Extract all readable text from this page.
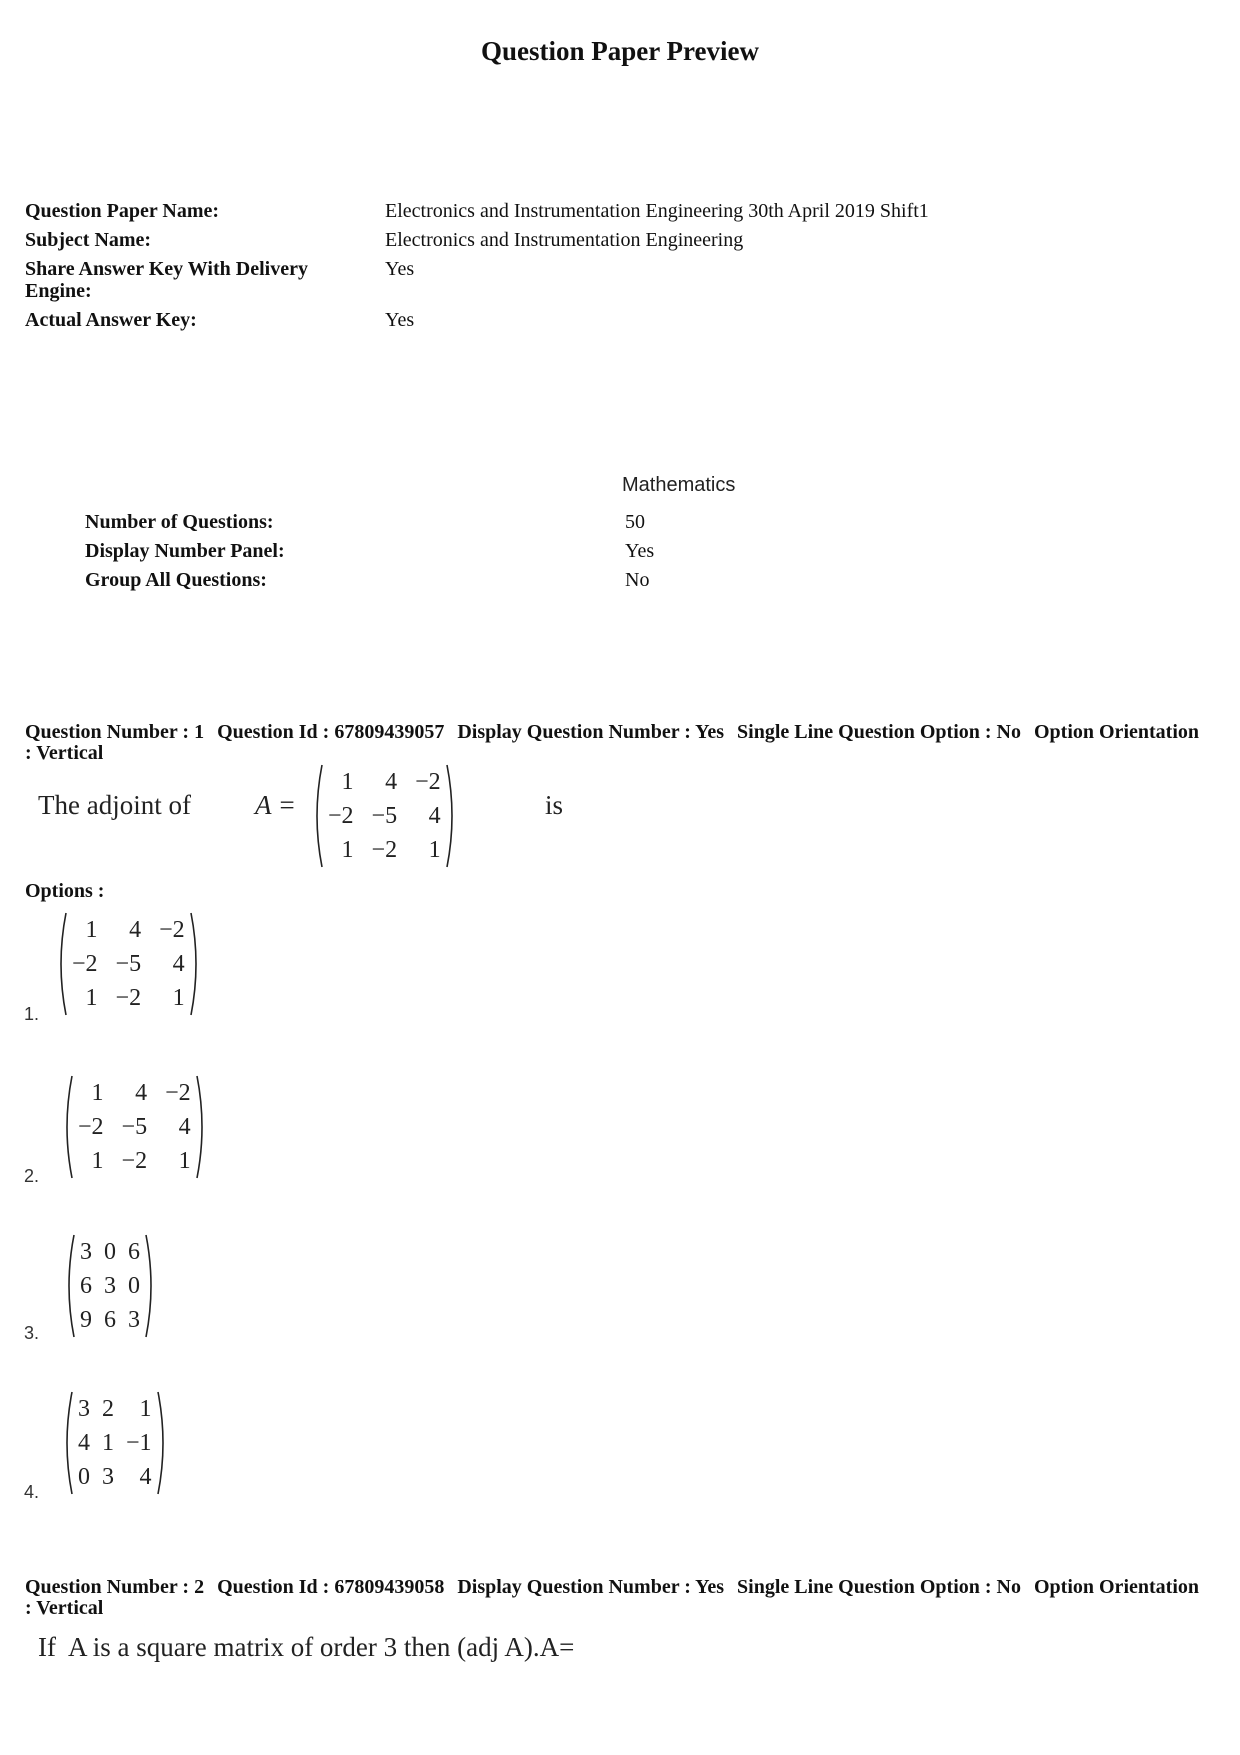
Question Paper Preview
Question Paper Name:	Electronics and Instrumentation Engineering 30th April 2019 Shift1
Subject Name:	Electronics and Instrumentation Engineering
Share Answer Key With Delivery Engine:
Yes
Actual Answer Key:	Yes
Mathematics
Number of Questions:	50
Display Number Panel:	Yes
Group All Questions:	No
Question Number : 1 Question Id : 67809439057 Display Question Number : Yes Single Line Question Option : No Option Orientation : Vertical
The adjoint of A =	is
1	4 −2
−2 −5	4
1 −2	1
Options :
1	4 −2
−2 −5	4
1 −2	1
1.
1	4 −2
−2 −5	4
1 −2	1
2.
3 0 6
6 3 0
9 6 3
3.
3 2	1
4 1 −1
0 3	4
4.
Question Number : 2 Question Id : 67809439058 Display Question Number : Yes Single Line Question Option : No Option Orientation : Vertical
If  A is a square matrix of order 3 then (adj A).A=
